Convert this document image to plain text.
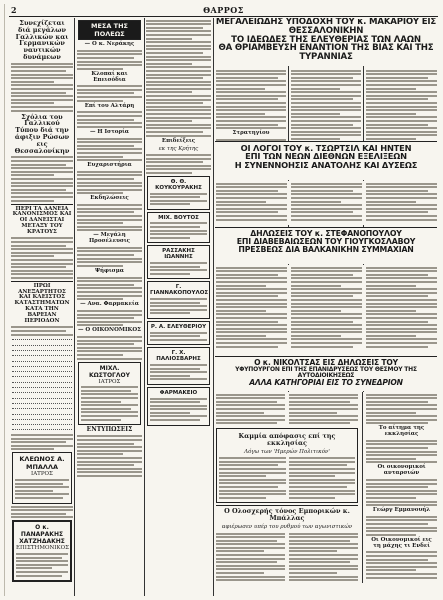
2	ΘΑΡΡΟΣ
Συνεχίζεται διά μεγάλων Γαλλικών και Γερμανικών ναυτικών δυνάμεων
Σχόλια του Γαλλικού Τύπου διά την άφιξιν Ρώσων εις Θεσσαλονίκην
ΠΕΡΙ ΤΑ ΔΑΝΕΙΑ ΚΑΝΟΝΙΣΜΟΣ ΚΑΙ ΟΙ ΔΑΝΕΙΣΤΑΙ ΜΕΤΑΞΥ ΤΟΥ ΚΡΑΤΟΥΣ
ΠΡΩΙ ΑΝΕΞΑΡΤΗΤΟΣ ΚΑΙ ΚΛΕΙΣΤΟΣ ΚΑΤΑΣΤΗΜΑΤΩΝ ΚΑΤΑ ΤΗΝ ΒΑΡΕΙΑΝ ΠΕΡΙΟΔΟΝ
ΚΛΕΩΝΟΣ Α. ΜΠΑΛΛΑ
ΙΑΤΡΟΣ
Ο κ. ΠΑΝΑΡΑΚΗΣ ΧΑΤΖΗΔΑΚΗΣ
ΕΠΙΣΤΗΜΟΝΙΚΟΣ
ΜΕΣΑ ΤΗΣ ΠΟΛΕΩΣ
— Ο κ. Νεράκης
Κλοπαί και Επεισόδια
Επί του Αλτάρη
— Η Ιστορία
Ευχαριστήρια
Εκδηλώσεις
— Μεγάλη Προσέλευσις
Ψήφισμα
— Ανα. Φαρμακεία
— Ο ΟΙΚΟΝΟΜΙΚΟΣ
ΜΙΧΛ. ΚΩΣΤΟΓΛΟΥ
ΙΑΤΡΟΣ
ΕΝΤΥΠΩΣΕΙΣ
ΜΕΓΑΛΕΙΩΔΗΣ ΥΠΟΔΟΧΗ ΤΟΥ κ. ΜΑΚΑΡΙΟΥ ΕΙΣ ΘΕΣΣΑΛΟΝΙΚΗΝ
ΤΟ ΙΔΕΩΔΕΣ ΤΗΣ ΕΛΕΥΘΕΡΙΑΣ ΤΩΝ ΛΑΩΝ
ΘΑ ΘΡΙΑΜΒΕΥΣΗ ΕΝΑΝΤΙΟΝ ΤΗΣ ΒΙΑΣ ΚΑΙ ΤΗΣ ΤΥΡΑΝΝΙΑΣ
Επιδείξεις
εκ της Κρήτης
Θ. Θ. ΚΟΥΚΟΥΡΑΚΗΣ
ΜΙΧ. ΒΟΥΤΟΣ
ΡΑΣΣΑΚΗΣ ΙΩΑΝΝΗΣ
Γ. ΓΙΑΝΝΑΚΟΠΟΥΛΟΣ
Ρ. Α. ΕΛΕΥΘΕΡΙΟΥ
Γ. Χ. ΠΑΛΙΟΣΒΑΡΗΣ
ΦΑΡΜΑΚΕΙΟ
Στρατηγίου
ΟΙ ΛΟΓΟΙ ΤΟΥ κ. ΤΣΩΡΤΣΙΛ ΚΑΙ ΗΝΤΕΝ
ΕΠΙ ΤΩΝ ΝΕΩΝ ΔΙΕΘΝΩΝ ΕΞΕΛΙΞΕΩΝ
Η ΣΥΝΕΝΝΟΗΣΙΣ ΑΝΑΤΟΛΗΣ ΚΑΙ ΔΥΣΕΩΣ
ΔΗΛΩΣΕΙΣ ΤΟΥ κ. ΣΤΕΦΑΝΟΠΟΥΛΟΥ
ΕΠΙ ΔΙΑΒΕΒΑΙΩΣΕΩΝ ΤΟΥ ΓΙΟΥΓΚΟΣΛΑΒΟΥ
ΠΡΕΣΒΕΩΣ ΔΙΑ ΒΑΛΚΑΝΙΚΗΝ ΣΥΜΜΑΧΙΑΝ
Ο κ. ΝΙΚΟΛΤΣΑΣ ΕΙΣ ΔΗΛΩΣΕΙΣ ΤΟΥ
ΥΦΥΠΟΥΡΓΟΝ ΕΠΙ ΤΗΣ ΕΠΑΝΙΔΡΥΣΕΩΣ ΤΟΥ ΘΕΣΜΟΥ ΤΗΣ ΑΥΤΟΔΙΟΙΚΗΣΕΩΣ
ΑΛΛΑ ΚΑΤΗΓΟΡΙΑΙ ΕΙΣ ΤΟ ΣΥΝΕΔΡΙΟΝ
Καμμία απόφασις επί της εκκλησίας
Λόγω των 'Ημερών Πολιτικόν'
Ο Ολοσχερής τόνος Εμπορικών κ. Μπάλλας
αφιέρωσεν υπέρ του ρυθμού των αγωνιστικών
Το αίτημα της εκκλησίας
Οι οικονομικοί ανταρσιών
Γεώργ Εμμανουήλ
Οι Οικονομικοί εις τη μάχης τι Ενδεί
